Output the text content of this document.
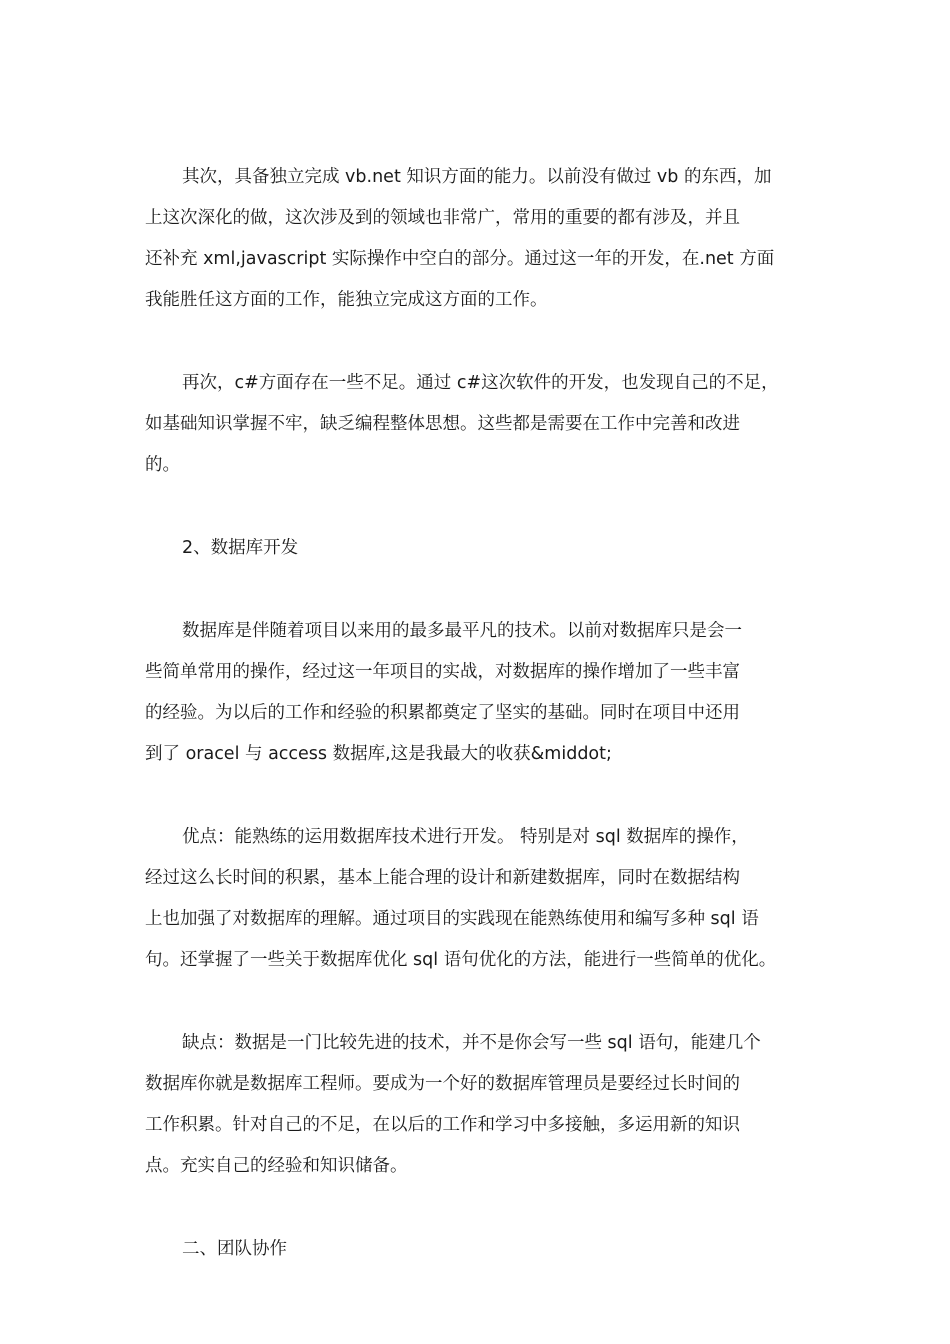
其次，具备独立完成 vb.net 知识方面的能力。以前没有做过 vb 的东西，加
上这次深化的做，这次涉及到的领域也非常广，常用的重要的都有涉及，并且
还补充 xml,javascript 实际操作中空白的部分。通过这一年的开发，在.net 方面
我能胜任这方面的工作，能独立完成这方面的工作。

再次，c#方面存在一些不足。通过 c#这次软件的开发，也发现自己的不足，
如基础知识掌握不牢，缺乏编程整体思想。这些都是需要在工作中完善和改进
的。

2、数据库开发

数据库是伴随着项目以来用的最多最平凡的技术。以前对数据库只是会一
些简单常用的操作，经过这一年项目的实战，对数据库的操作增加了一些丰富
的经验。为以后的工作和经验的积累都奠定了坚实的基础。同时在项目中还用
到了 oracel 与 access 数据库,这是我最大的收获&middot;

优点：能熟练的运用数据库技术进行开发。 特别是对 sql 数据库的操作，
经过这么长时间的积累，基本上能合理的设计和新建数据库，同时在数据结构
上也加强了对数据库的理解。通过项目的实践现在能熟练使用和编写多种 sql 语
句。还掌握了一些关于数据库优化 sql 语句优化的方法，能进行一些简单的优化。

缺点：数据是一门比较先进的技术，并不是你会写一些 sql 语句，能建几个
数据库你就是数据库工程师。要成为一个好的数据库管理员是要经过长时间的
工作积累。针对自己的不足，在以后的工作和学习中多接触，多运用新的知识
点。充实自己的经验和知识储备。

二、团队协作
